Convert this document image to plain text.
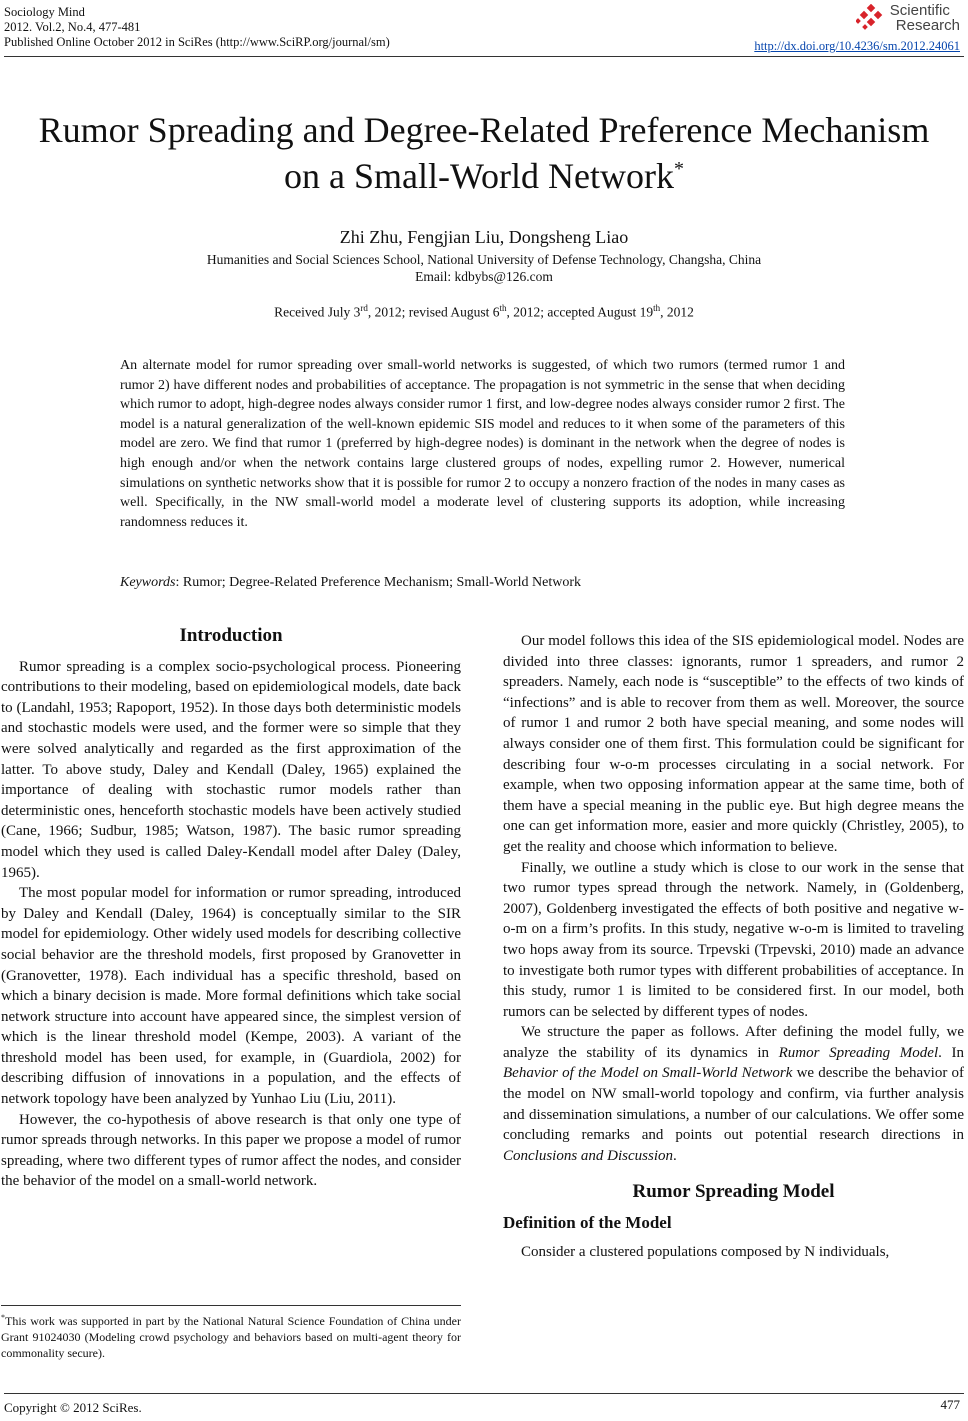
Sociology Mind
2012. Vol.2, No.4, 477-481
Published Online October 2012 in SciRes (http://www.SciRP.org/journal/sm)
Scientific
Research
http://dx.doi.org/10.4236/sm.2012.24061
Rumor Spreading and Degree-Related Preference Mechanism
on a Small-World Network*
Zhi Zhu, Fengjian Liu, Dongsheng Liao
Humanities and Social Sciences School, National University of Defense Technology, Changsha, China
Email: kdbybs@126.com
Received July 3rd, 2012; revised August 6th, 2012; accepted August 19th, 2012
An alternate model for rumor spreading over small-world networks is suggested, of which two rumors (termed rumor 1 and rumor 2) have different nodes and probabilities of acceptance. The propagation is not symmetric in the sense that when deciding which rumor to adopt, high-degree nodes always consider rumor 1 first, and low-degree nodes always consider rumor 2 first. The model is a natural generalization of the well-known epidemic SIS model and reduces to it when some of the parameters of this model are zero. We find that rumor 1 (preferred by high-degree nodes) is dominant in the network when the degree of nodes is high enough and/or when the network contains large clustered groups of nodes, expelling rumor 2. However, numerical simulations on synthetic networks show that it is possible for rumor 2 to occupy a nonzero fraction of the nodes in many cases as well. Specifically, in the NW small-world model a moderate level of clustering supports its adoption, while increasing randomness reduces it.
Keywords: Rumor; Degree-Related Preference Mechanism; Small-World Network
Introduction

Rumor spreading is a complex socio-psychological process. Pioneering contributions to their modeling, based on epidemiological models, date back to (Landahl, 1953; Rapoport, 1952). In those days both deterministic models and stochastic models were used, and the former were so simple that they were solved analytically and regarded as the first approximation of the latter. To above study, Daley and Kendall (Daley, 1965) explained the importance of dealing with stochastic rumor models rather than deterministic ones, henceforth stochastic models have been actively studied (Cane, 1966; Sudbur, 1985; Watson, 1987). The basic rumor spreading model which they used is called Daley-Kendall model after Daley (Daley, 1965).

The most popular model for information or rumor spreading, introduced by Daley and Kendall (Daley, 1964) is conceptually similar to the SIR model for epidemiology. Other widely used models for describing collective social behavior are the threshold models, first proposed by Granovetter in (Granovetter, 1978). Each individual has a specific threshold, based on which a binary decision is made. More formal definitions which take social network structure into account have appeared since, the simplest version of which is the linear threshold model (Kempe, 2003). A variant of the threshold model has been used, for example, in (Guardiola, 2002) for describing diffusion of innovations in a population, and the effects of network topology have been analyzed by Yunhao Liu (Liu, 2011).

However, the co-hypothesis of above research is that only one type of rumor spreads through networks. In this paper we propose a model of rumor spreading, where two different types of rumor affect the nodes, and consider the behavior of the model on a small-world network.

Our model follows this idea of the SIS epidemiological model. Nodes are divided into three classes: ignorants, rumor 1 spreaders, and rumor 2 spreaders. Namely, each node is “susceptible” to the effects of two kinds of “infections” and is able to recover from them as well. Moreover, the source of rumor 1 and rumor 2 both have special meaning, and some nodes will always consider one of them first. This formulation could be significant for describing four w-o-m processes circulating in a social network. For example, when two opposing information appear at the same time, both of them have a special meaning in the public eye. But high degree means the one can get information more, easier and more quickly (Christley, 2005), to get the reality and choose which information to believe.

Finally, we outline a study which is close to our work in the sense that two rumor types spread through the network. Namely, in (Goldenberg, 2007), Goldenberg investigated the effects of both positive and negative w-o-m on a firm’s profits. In this study, negative w-o-m is limited to traveling two hops away from its source. Trpevski (Trpevski, 2010) made an advance to investigate both rumor types with different probabilities of acceptance. In this study, rumor 1 is limited to be considered first. In our model, both rumors can be selected by different types of nodes.

We structure the paper as follows. After defining the model fully, we analyze the stability of its dynamics in Rumor Spreading Model. In Behavior of the Model on Small-World Network we describe the behavior of the model on NW small-world topology and confirm, via further analysis and dissemination simulations, a number of our calculations. We offer some concluding remarks and points out potential research directions in Conclusions and Discussion.

Rumor Spreading Model
Definition of the Model

Consider a clustered populations composed by N individuals,

*This work was supported in part by the National Natural Science Foundation of China under Grant 91024030 (Modeling crowd psychology and behaviors based on multi-agent theory for commonality secure).
Copyright © 2012 SciRes.	477
